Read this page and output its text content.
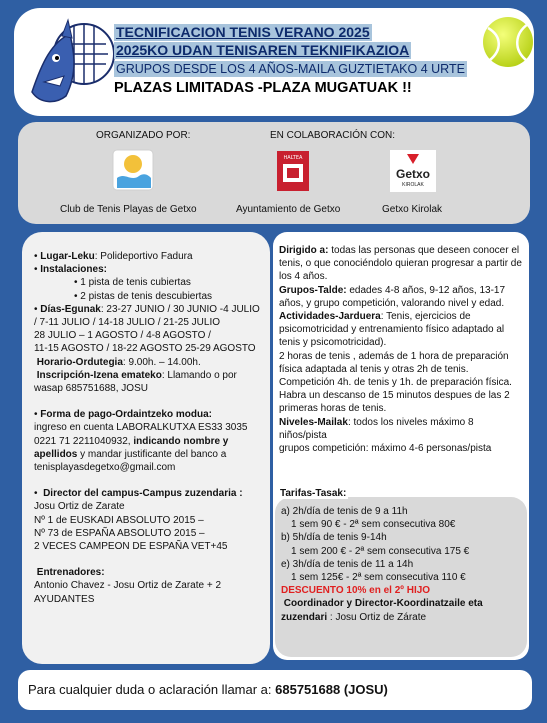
TECNIFICACION TENIS VERANO 2025
2025KO UDAN TENISAREN TEKNIFIKAZIOA
GRUPOS DESDE LOS 4 AÑOS-MAILA GUZTIETAKO 4 URTE
PLAZAS LIMITADAS -PLAZA MUGATUAK !!
ORGANIZADO POR:	EN COLABORACIÓN CON:
HALTEA
Getxo
KIROLAK
Club de Tenis Playas de Getxo	Ayuntamiento de Getxo	Getxo Kirolak

• Lugar-Leku: Polideportivo Fadura

• Instalaciones:

• 1 pista de tenis cubiertas

• 2 pistas de tenis descubiertas

• Días-Egunak: 23-27 JUNIO / 30 JUNIO -4 JULIO / 7-11 JULIO / 14-18 JULIO / 21-25 JULIO

28 JULIO – 1 AGOSTO / 4-8 AGOSTO /

11-15 AGOSTO / 18-22 AGOSTO 25-29 AGOSTO

Horario-Ordutegia: 9.00h. – 14.00h.

Inscripción-Izena emateko: Llamando o por wasap 685751688, JOSU

• Forma de pago-Ordaintzeko modua:

ingreso en cuenta LABORALKUTXA ES33 3035 0221 71 2211040932, indicando nombre y apellidos y mandar justificante del banco a tenisplayasdegetxo@gmail.com

•  Director del campus-Campus zuzendaria :

Josu Ortiz de Zarate

Nº 1 de EUSKADI ABSOLUTO 2015 –

Nº 73 de ESPAÑA ABSOLUTO 2015 –

2 VECES CAMPEON DE ESPAÑA VET+45

Entrenadores:

Antonio Chavez - Josu Ortiz de Zarate + 2 AYUDANTES

Dirigido a: todas las personas que deseen conocer el tenis, o que conociéndolo quieran progresar a partir de los 4 años.

Grupos-Talde: edades 4-8 años, 9-12 años, 13-17 años, y grupo competición, valorando nivel y edad.

Actividades-Jarduera: Tenis, ejercicios de psicomotricidad y entrenamiento físico adaptado al tenis y psicomotricidad).

2 horas de tenis , además de 1 hora de preparación física adaptada al tenis y otras 2h de tenis.

Competición 4h. de tenis y 1h. de preparación física. Habra un descanso de 15 minutos despues de las 2 primeras horas de tenis.

Niveles-Mailak: todos los niveles máximo 8 niños/pista

grupos competición: máximo 4-6 personas/pista

a) 2h/día de tenis de 9 a 11h

1 sem 90 € - 2ª sem consecutiva 80€

b) 5h/día de tenis 9-14h

1 sem 200 € - 2ª sem consecutiva 175 €

e) 3h/día de tenis de 11 a 14h

1 sem 125€ - 2ª sem consecutiva 110 €

DESCUENTO 10% en el 2º HIJO

Coordinador y Director-Koordinatzaile eta zuzendari : Josu Ortiz de Zárate

Tarifas-Tasak:
Para cualquier duda o aclaración llamar a: 685751688 (JOSU)
